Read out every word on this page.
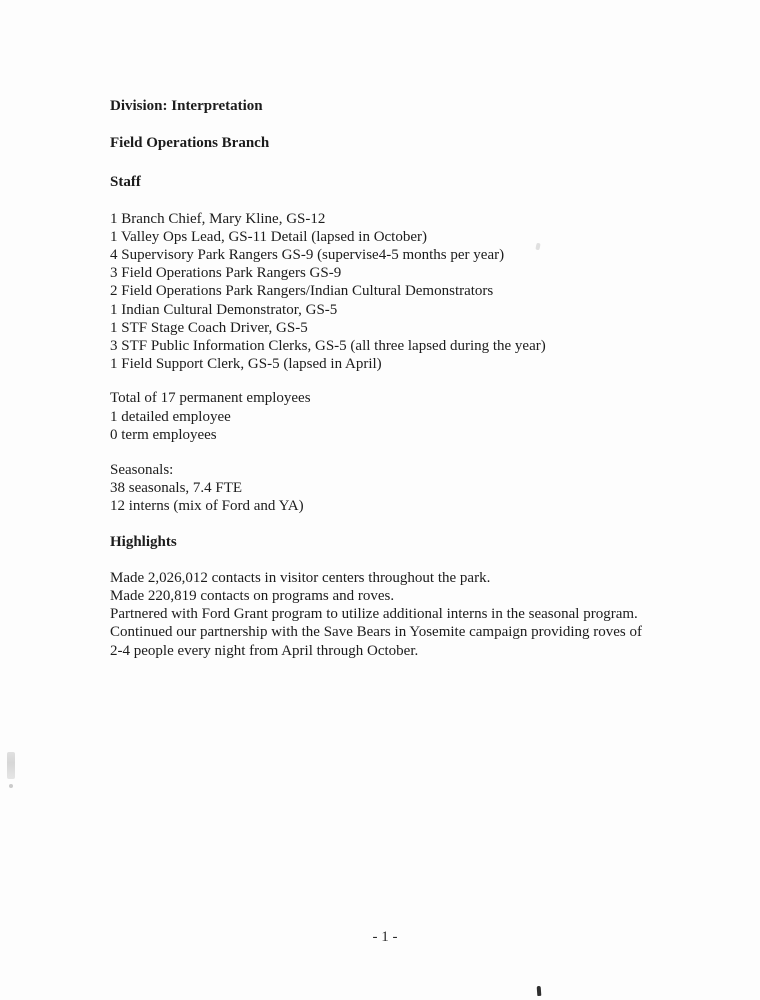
Division: Interpretation
Field Operations Branch
Staff
1 Branch Chief, Mary Kline, GS-12
1 Valley Ops Lead, GS-11 Detail (lapsed in October)
4 Supervisory Park Rangers GS-9 (supervise4-5 months per year)
3 Field Operations Park Rangers GS-9
2 Field Operations Park Rangers/Indian Cultural Demonstrators
1 Indian Cultural Demonstrator, GS-5
1 STF Stage Coach Driver, GS-5
3 STF Public Information Clerks, GS-5 (all three lapsed during the year)
1 Field Support Clerk, GS-5 (lapsed in April)
Total of 17 permanent employees
1 detailed employee
0 term employees
Seasonals:
38 seasonals, 7.4 FTE
12 interns (mix of Ford and YA)
Highlights
Made 2,026,012 contacts in visitor centers throughout the park.
Made 220,819 contacts on programs and roves.
Partnered with Ford Grant program to utilize additional interns in the seasonal program.
Continued our partnership with the Save Bears in Yosemite campaign providing roves of
2-4 people every night from April through October.
- 1 -
